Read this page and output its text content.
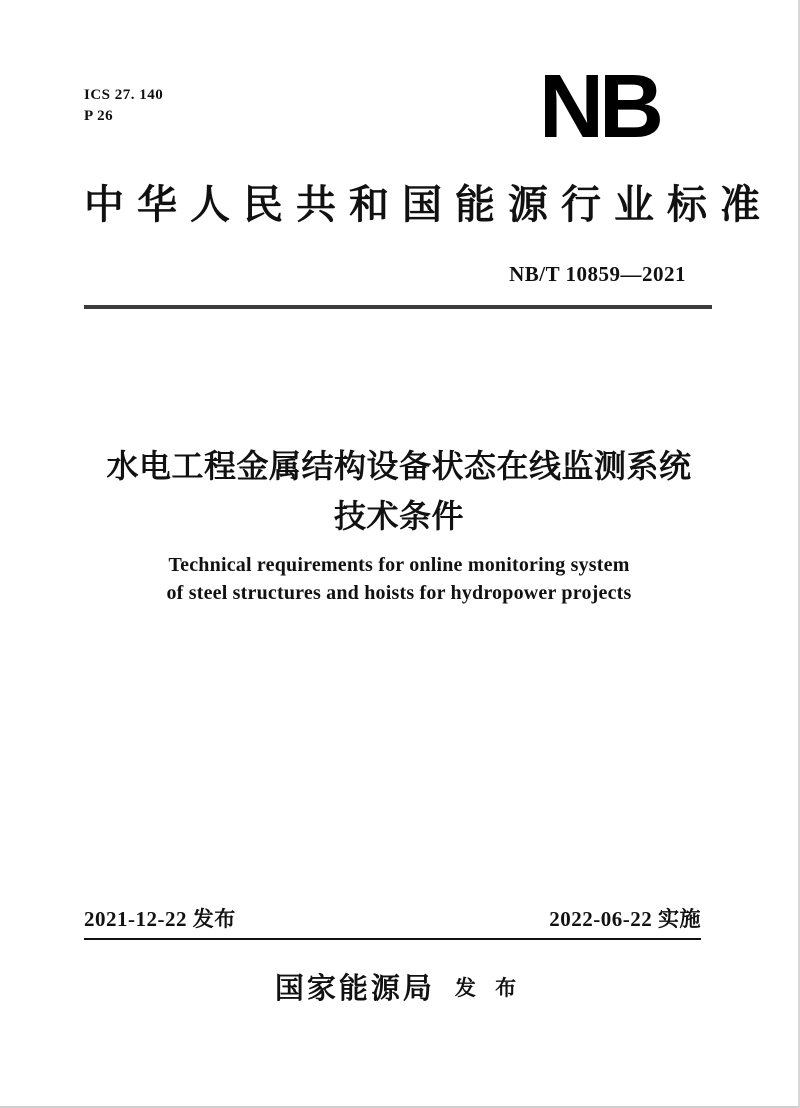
ICS 27. 140
P 26	NB
中华人民共和国能源行业标准
NB/T 10859—2021
水电工程金属结构设备状态在线监测系统
技术条件
Technical requirements for online monitoring system
of steel structures and hoists for hydropower projects
2021-12-22 发布	2022-06-22 实施
国家能源局 发 布
